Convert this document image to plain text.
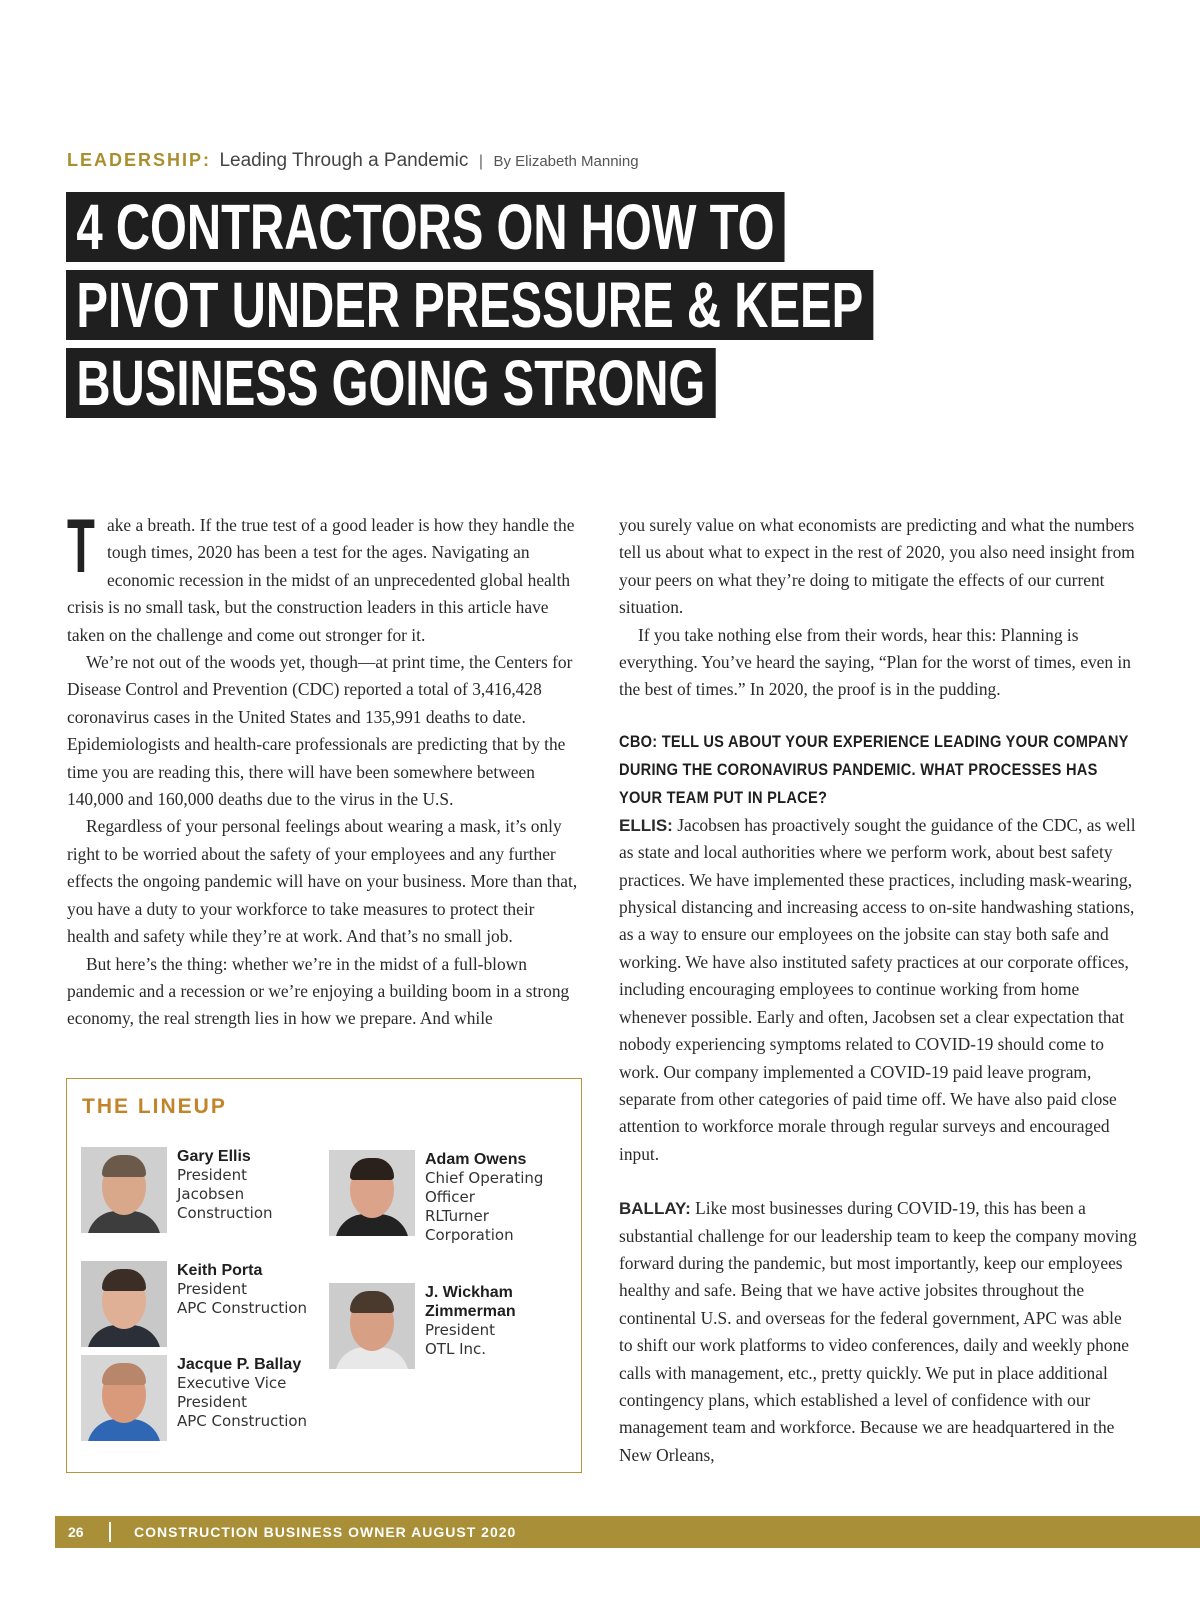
LEADERSHIP: Leading Through a Pandemic | By Elizabeth Manning
4 CONTRACTORS ON HOW TO
PIVOT UNDER PRESSURE & KEEP
BUSINESS GOING STRONG

Take a breath. If the true test of a good leader is how they handle the tough times, 2020 has been a test for the ages. Navigating an economic recession in the midst of an unprecedented global health crisis is no small task, but the construction leaders in this article have taken on the challenge and come out stronger for it.

We’re not out of the woods yet, though—at print time, the Centers for Disease Control and Prevention (CDC) reported a total of 3,416,428 coronavirus cases in the United States and 135,991 deaths to date. Epidemiologists and health-care professionals are predicting that by the time you are reading this, there will have been somewhere between 140,000 and 160,000 deaths due to the virus in the U.S.

Regardless of your personal feelings about wearing a mask, it’s only right to be worried about the safety of your employees and any further effects the ongoing pandemic will have on your business. More than that, you have a duty to your workforce to take measures to protect their health and safety while they’re at work. And that’s no small job.

But here’s the thing: whether we’re in the midst of a full-blown pandemic and a recession or we’re enjoying a building boom in a strong economy, the real strength lies in how we prepare. And while

you surely value on what economists are predicting and what the numbers tell us about what to expect in the rest of 2020, you also need insight from your peers on what they’re doing to mitigate the effects of our current situation.

If you take nothing else from their words, hear this: Planning is everything. You’ve heard the saying, “Plan for the worst of times, even in the best of times.” In 2020, the proof is in the pudding.

CBO: TELL US ABOUT YOUR EXPERIENCE LEADING YOUR COMPANY DURING THE CORONAVIRUS PANDEMIC. WHAT PROCESSES HAS YOUR TEAM PUT IN PLACE?

ELLIS: Jacobsen has proactively sought the guidance of the CDC, as well as state and local authorities where we perform work, about best safety practices. We have implemented these practices, including mask-wearing, physical distancing and increasing access to on-site handwashing stations, as a way to ensure our employees on the jobsite can stay both safe and working. We have also instituted safety practices at our corporate offices, including encouraging employees to continue working from home whenever possible. Early and often, Jacobsen set a clear expectation that nobody experiencing symptoms related to COVID-19 should come to work. Our company implemented a COVID-19 paid leave program, separate from other categories of paid time off. We have also paid close attention to workforce morale through regular surveys and encouraged input.

BALLAY: Like most businesses during COVID-19, this has been a substantial challenge for our leadership team to keep the company moving forward during the pandemic, but most importantly, keep our employees healthy and safe. Being that we have active jobsites throughout the continental U.S. and overseas for the federal government, APC was able to shift our work platforms to video conferences, daily and weekly phone calls with management, etc., pretty quickly. We put in place additional contingency plans, which established a level of confidence with our management team and workforce. Because we are headquartered in the New Orleans,

THE LINEUP
Gary Ellis
President
Jacobsen Construction
Keith Porta
President
APC Construction
Jacque P. Ballay
Executive Vice President
APC Construction
Adam Owens
Chief Operating Officer
RLTurner Corporation
J. Wickham Zimmerman
President
OTL Inc.
26	CONSTRUCTION BUSINESS OWNER AUGUST 2020
